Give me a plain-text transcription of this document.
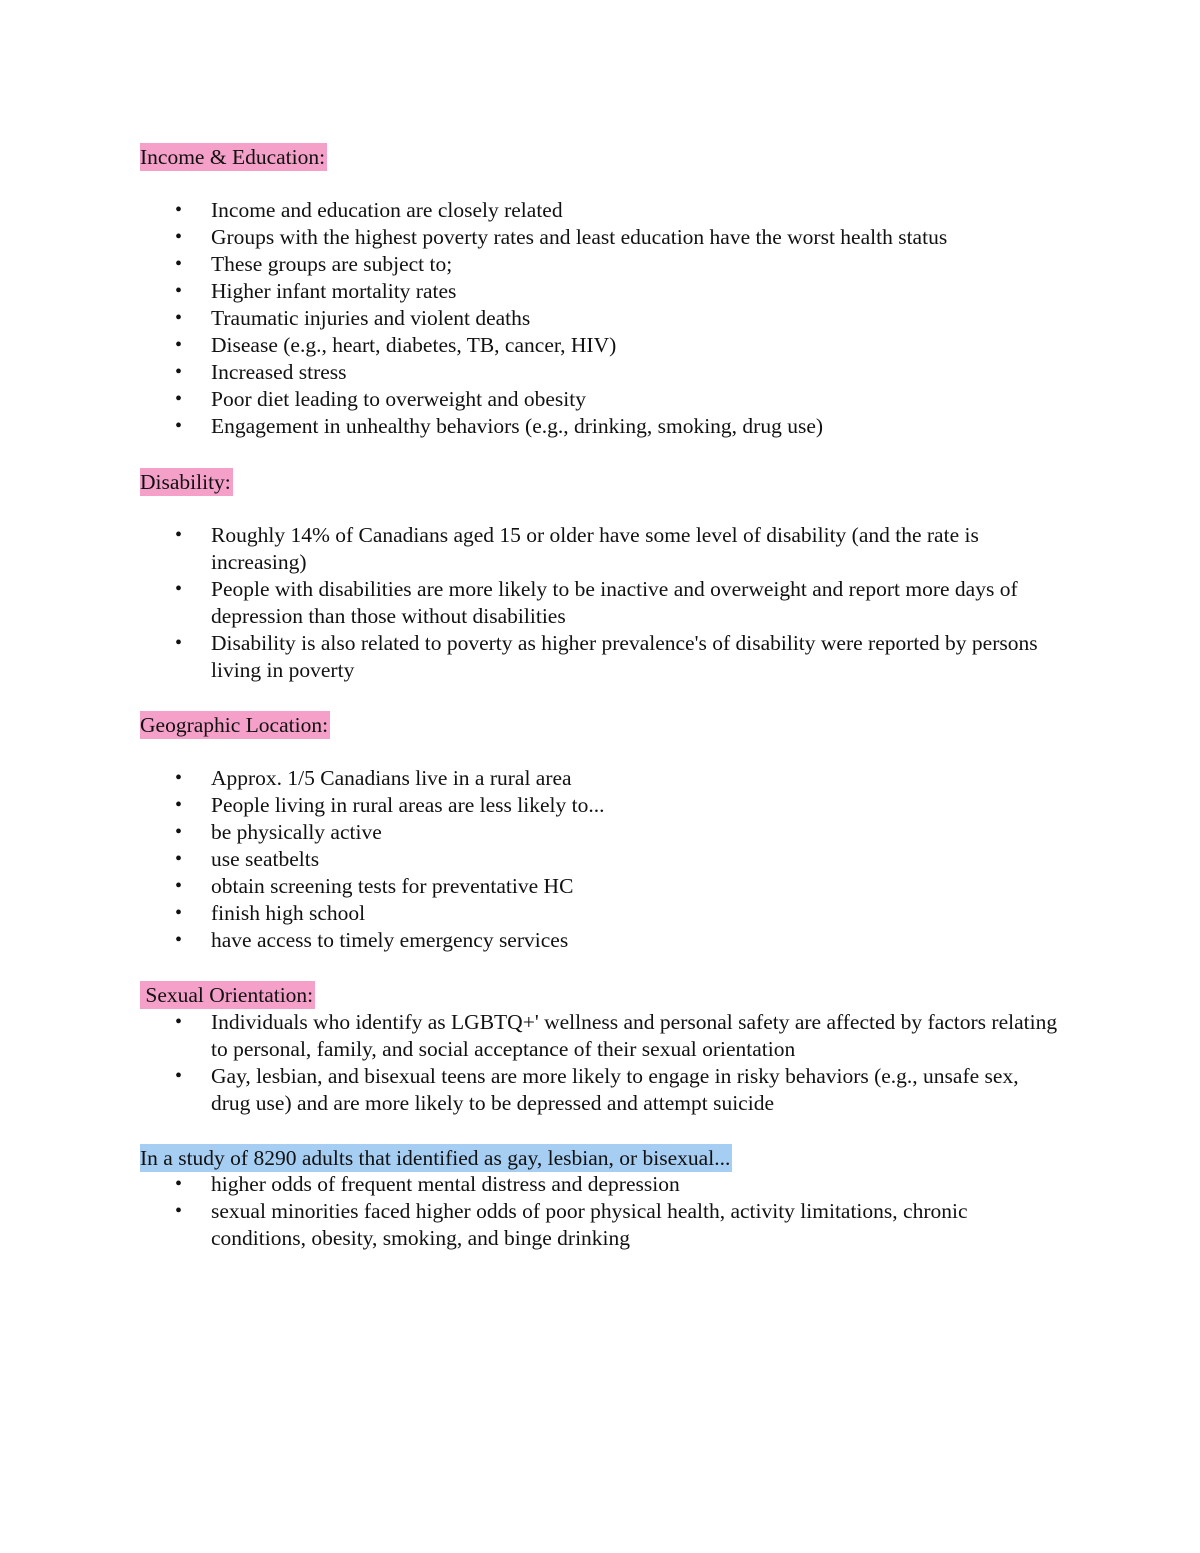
Income & Education:
• Income and education are closely related
• Groups with the highest poverty rates and least education have the worst health status
• These groups are subject to;
• Higher infant mortality rates
• Traumatic injuries and violent deaths
• Disease (e.g., heart, diabetes, TB, cancer, HIV)
• Increased stress
• Poor diet leading to overweight and obesity
• Engagement in unhealthy behaviors (e.g., drinking, smoking, drug use)
Disability:
• Roughly 14% of Canadians aged 15 or older have some level of disability (and the rate is increasing)
• People with disabilities are more likely to be inactive and overweight and report more days of depression than those without disabilities
• Disability is also related to poverty as higher prevalence's of disability were reported by persons living in poverty
Geographic Location:
• Approx. 1/5 Canadians live in a rural area
• People living in rural areas are less likely to...
• be physically active
• use seatbelts
• obtain screening tests for preventative HC
• finish high school
• have access to timely emergency services
Sexual Orientation:
• Individuals who identify as LGBTQ+' wellness and personal safety are affected by factors relating to personal, family, and social acceptance of their sexual orientation
• Gay, lesbian, and bisexual teens are more likely to engage in risky behaviors (e.g., unsafe sex, drug use) and are more likely to be depressed and attempt suicide
In a study of 8290 adults that identified as gay, lesbian, or bisexual...
• higher odds of frequent mental distress and depression
• sexual minorities faced higher odds of poor physical health, activity limitations, chronic conditions, obesity, smoking, and binge drinking
